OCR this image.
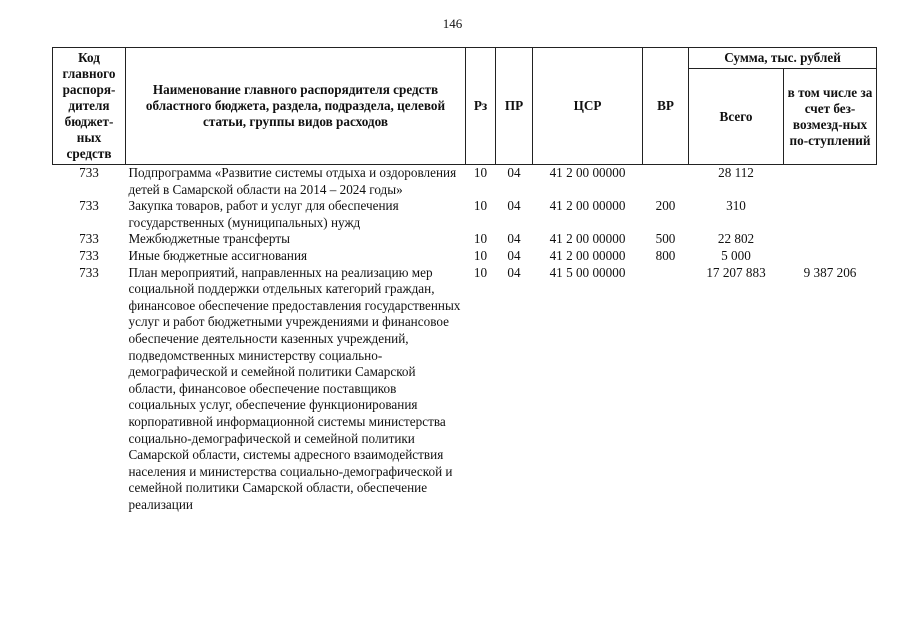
146
Код главного распоря-дителя бюджет-ных средств	Наименование главного распорядителя средств областного бюджета, раздела, подраздела, целевой статьи, группы видов расходов	Рз	ПР	ЦСР	ВР	Сумма, тыс. рублей	
						Всего	в том числе за счет без-возмезд-ных по-ступлений
733	Подпрограмма «Развитие системы отдыха и оздоровления детей в Самарской области на 2014 – 2024 годы»	10	04	41 2 00 00000		28 112	
733	Закупка товаров, работ и услуг для обеспечения государственных (муниципальных) нужд	10	04	41 2 00 00000	200	310	
733	Межбюджетные трансферты	10	04	41 2 00 00000	500	22 802	
733	Иные бюджетные ассигнования	10	04	41 2 00 00000	800	5 000	
733	План мероприятий, направленных на реализацию мер социальной поддержки отдельных категорий граждан, финансовое обеспечение предоставления государственных услуг и работ бюджетными учреждениями и финансовое обеспечение деятельности казенных учреждений, подведомственных министерству социально-демографической и семейной политики Самарской области, финансовое обеспечение поставщиков социальных услуг, обеспечение функционирования корпоративной информационной системы министерства социально-демографической и семейной политики Самарской области, системы адресного взаимодействия населения и министерства социально-демографической и семейной политики Самарской области, обеспечение реализации	10	04	41 5 00 00000		17 207 883	9 387 206
